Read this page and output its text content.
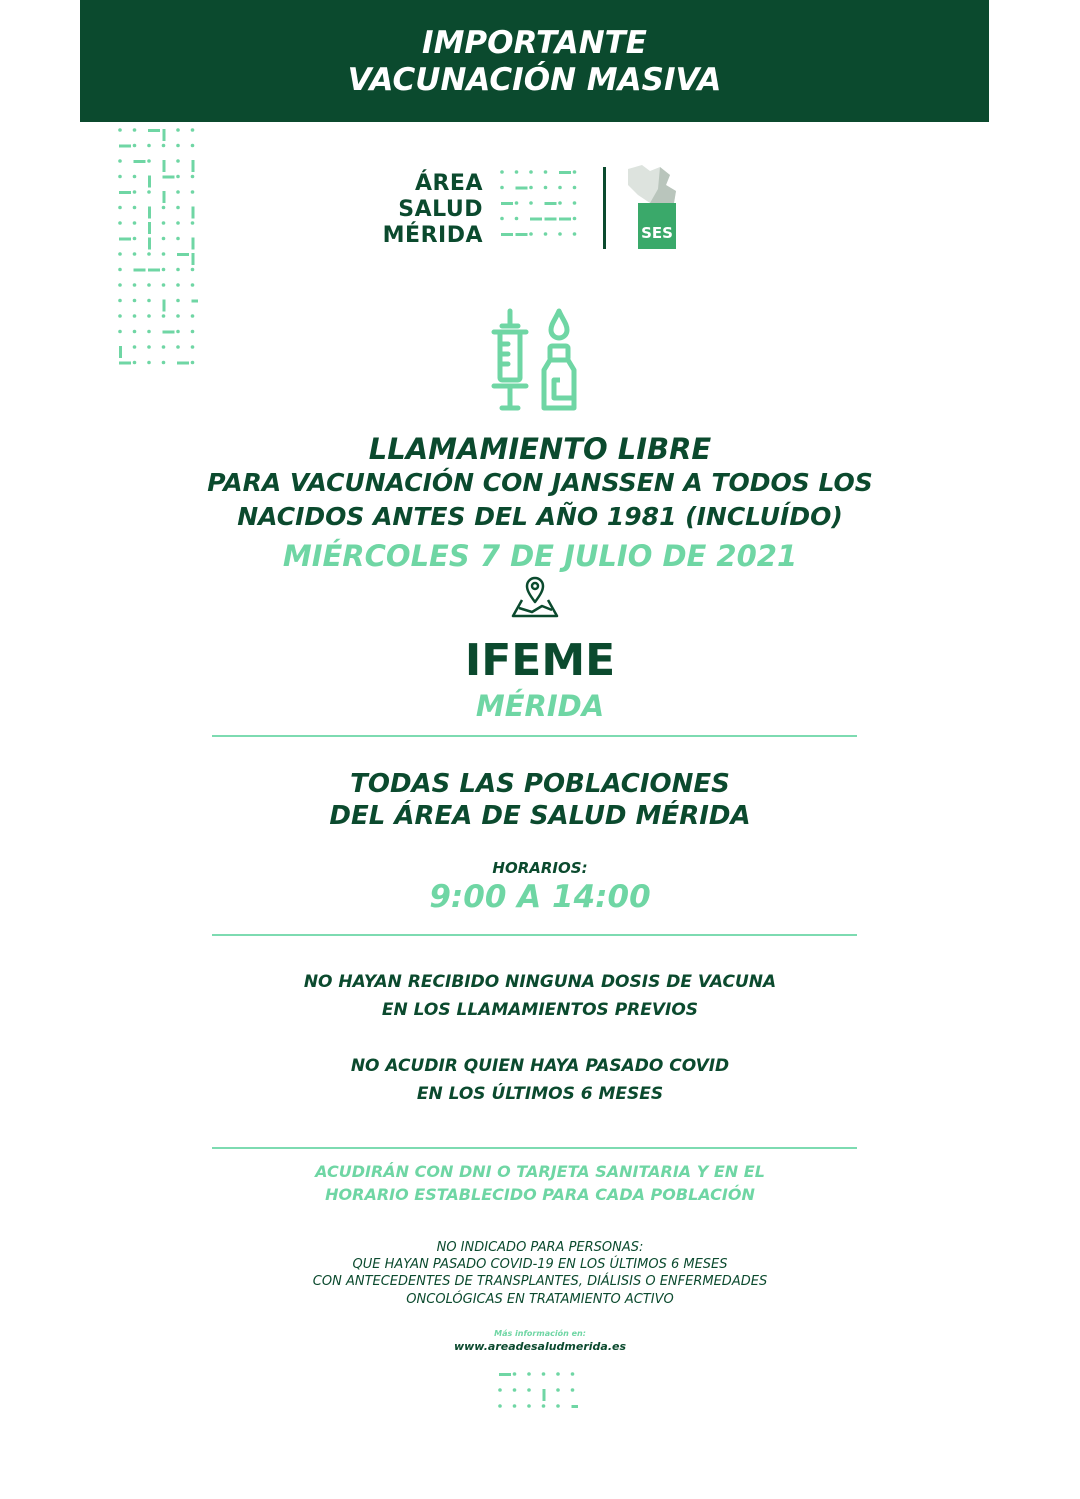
IMPORTANTE
VACUNACIÓN MASIVA
ÁREA
SALUD
MÉRIDA	SES
LLAMAMIENTO LIBRE
PARA VACUNACIÓN CON JANSSEN A TODOS LOS
NACIDOS ANTES DEL AÑO 1981 (INCLUÍDO)
MIÉRCOLES 7 DE JULIO DE 2021
IFEME
MÉRIDA
TODAS LAS POBLACIONES
DEL ÁREA DE SALUD MÉRIDA
HORARIOS:
9:00 A 14:00
NO HAYAN RECIBIDO NINGUNA DOSIS DE VACUNA
EN LOS LLAMAMIENTOS PREVIOS
NO ACUDIR QUIEN HAYA PASADO COVID
EN LOS ÚLTIMOS 6 MESES
ACUDIRÁN CON DNI O TARJETA SANITARIA Y EN EL
HORARIO ESTABLECIDO PARA CADA POBLACIÓN
NO INDICADO PARA PERSONAS:
QUE HAYAN PASADO COVID-19 EN LOS ÚLTIMOS 6 MESES
CON ANTECEDENTES DE TRANSPLANTES, DIÁLISIS O ENFERMEDADES
ONCOLÓGICAS EN TRATAMIENTO ACTIVO
Más información en:
www.areadesaludmerida.es
